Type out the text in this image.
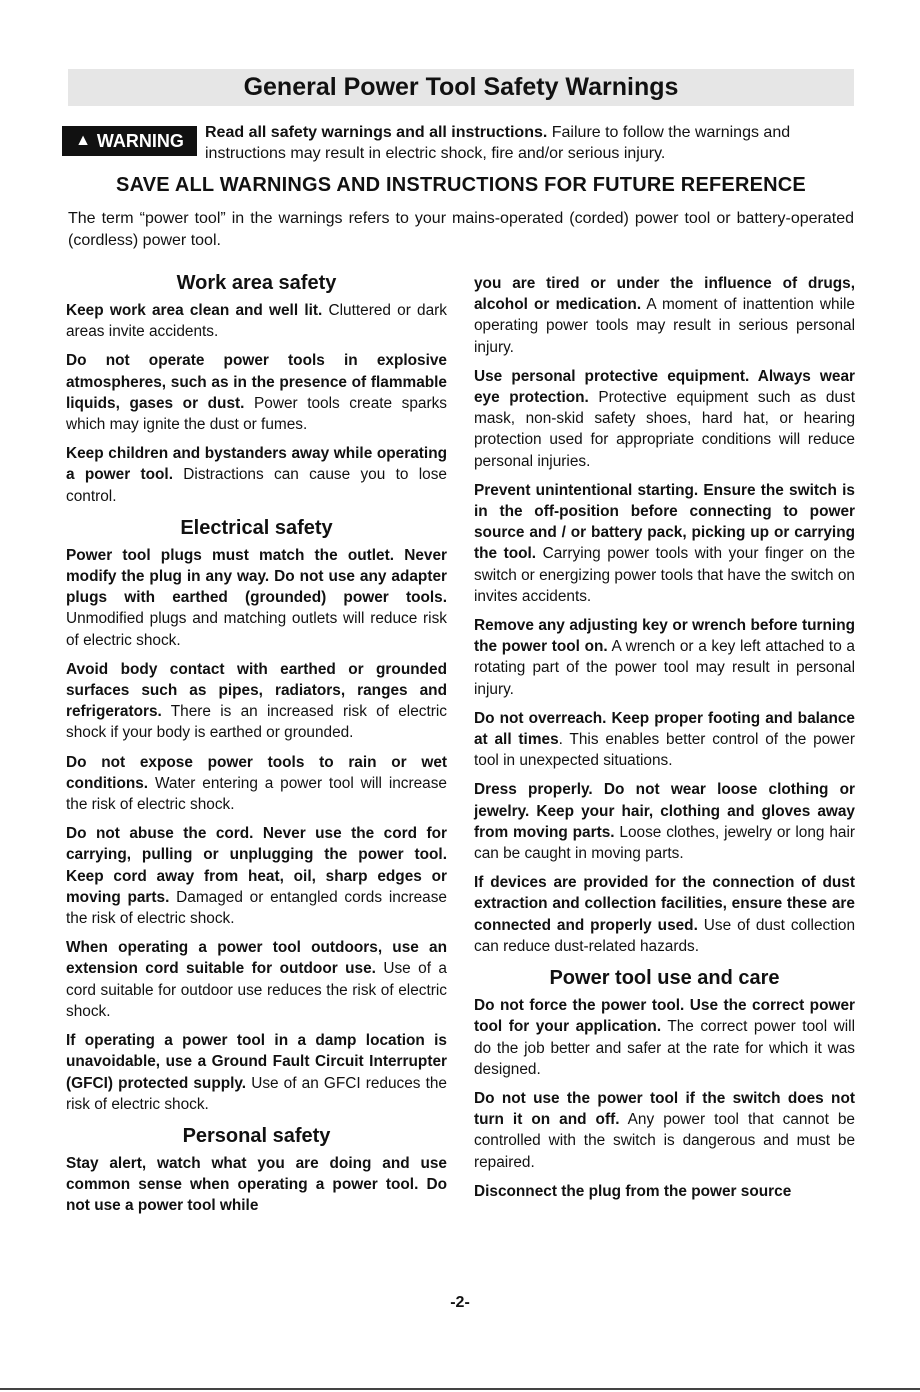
General Power Tool Safety Warnings
▲ WARNING Read all safety warnings and all instructions. Failure to follow the warnings and instructions may result in electric shock, fire and/or serious injury.
SAVE ALL WARNINGS AND INSTRUCTIONS FOR FUTURE REFERENCE
The term “power tool” in the warnings refers to your mains-operated (corded) power tool or battery-operated (cordless) power tool.
Work area safety

Keep work area clean and well lit. Cluttered or dark areas invite accidents.

Do not operate power tools in explosive atmospheres, such as in the presence of flammable liquids, gases or dust. Power tools create sparks which may ignite the dust or fumes.

Keep children and bystanders away while operating a power tool. Distractions can cause you to lose control.

Electrical safety

Power tool plugs must match the outlet. Never modify the plug in any way. Do not use any adapter plugs with earthed (grounded) power tools. Unmodified plugs and matching outlets will reduce risk of electric shock.

Avoid body contact with earthed or grounded surfaces such as pipes, radiators, ranges and refrigerators. There is an increased risk of electric shock if your body is earthed or grounded.

Do not expose power tools to rain or wet conditions. Water entering a power tool will increase the risk of electric shock.

Do not abuse the cord. Never use the cord for carrying, pulling or unplugging the power tool. Keep cord away from heat, oil, sharp edges or moving parts. Damaged or entangled cords increase the risk of electric shock.

When operating a power tool outdoors, use an extension cord suitable for outdoor use. Use of a cord suitable for outdoor use reduces the risk of electric shock.

If operating a power tool in a damp location is unavoidable, use a Ground Fault Circuit Interrupter (GFCI) protected supply. Use of an GFCI reduces the risk of electric shock.

Personal safety

Stay alert, watch what you are doing and use common sense when operating a power tool. Do not use a power tool while

you are tired or under the influence of drugs, alcohol or medication. A moment of inattention while operating power tools may result in serious personal injury.

Use personal protective equipment. Always wear eye protection. Protective equipment such as dust mask, non-skid safety shoes, hard hat, or hearing protection used for appropriate conditions will reduce personal injuries.

Prevent unintentional starting. Ensure the switch is in the off-position before connecting to power source and / or battery pack, picking up or carrying the tool. Carrying power tools with your finger on the switch or energizing power tools that have the switch on invites accidents.

Remove any adjusting key or wrench before turning the power tool on. A wrench or a key left attached to a rotating part of the power tool may result in personal injury.

Do not overreach. Keep proper footing and balance at all times. This enables better control of the power tool in unexpected situations.

Dress properly. Do not wear loose clothing or jewelry. Keep your hair, clothing and gloves away from moving parts. Loose clothes, jewelry or long hair can be caught in moving parts.

If devices are provided for the connection of dust extraction and collection facilities, ensure these are connected and properly used. Use of dust collection can reduce dust-related hazards.

Power tool use and care

Do not force the power tool. Use the correct power tool for your application. The correct power tool will do the job better and safer at the rate for which it was designed.

Do not use the power tool if the switch does not turn it on and off. Any power tool that cannot be controlled with the switch is dangerous and must be repaired.

Disconnect the plug from the power source

-2-
